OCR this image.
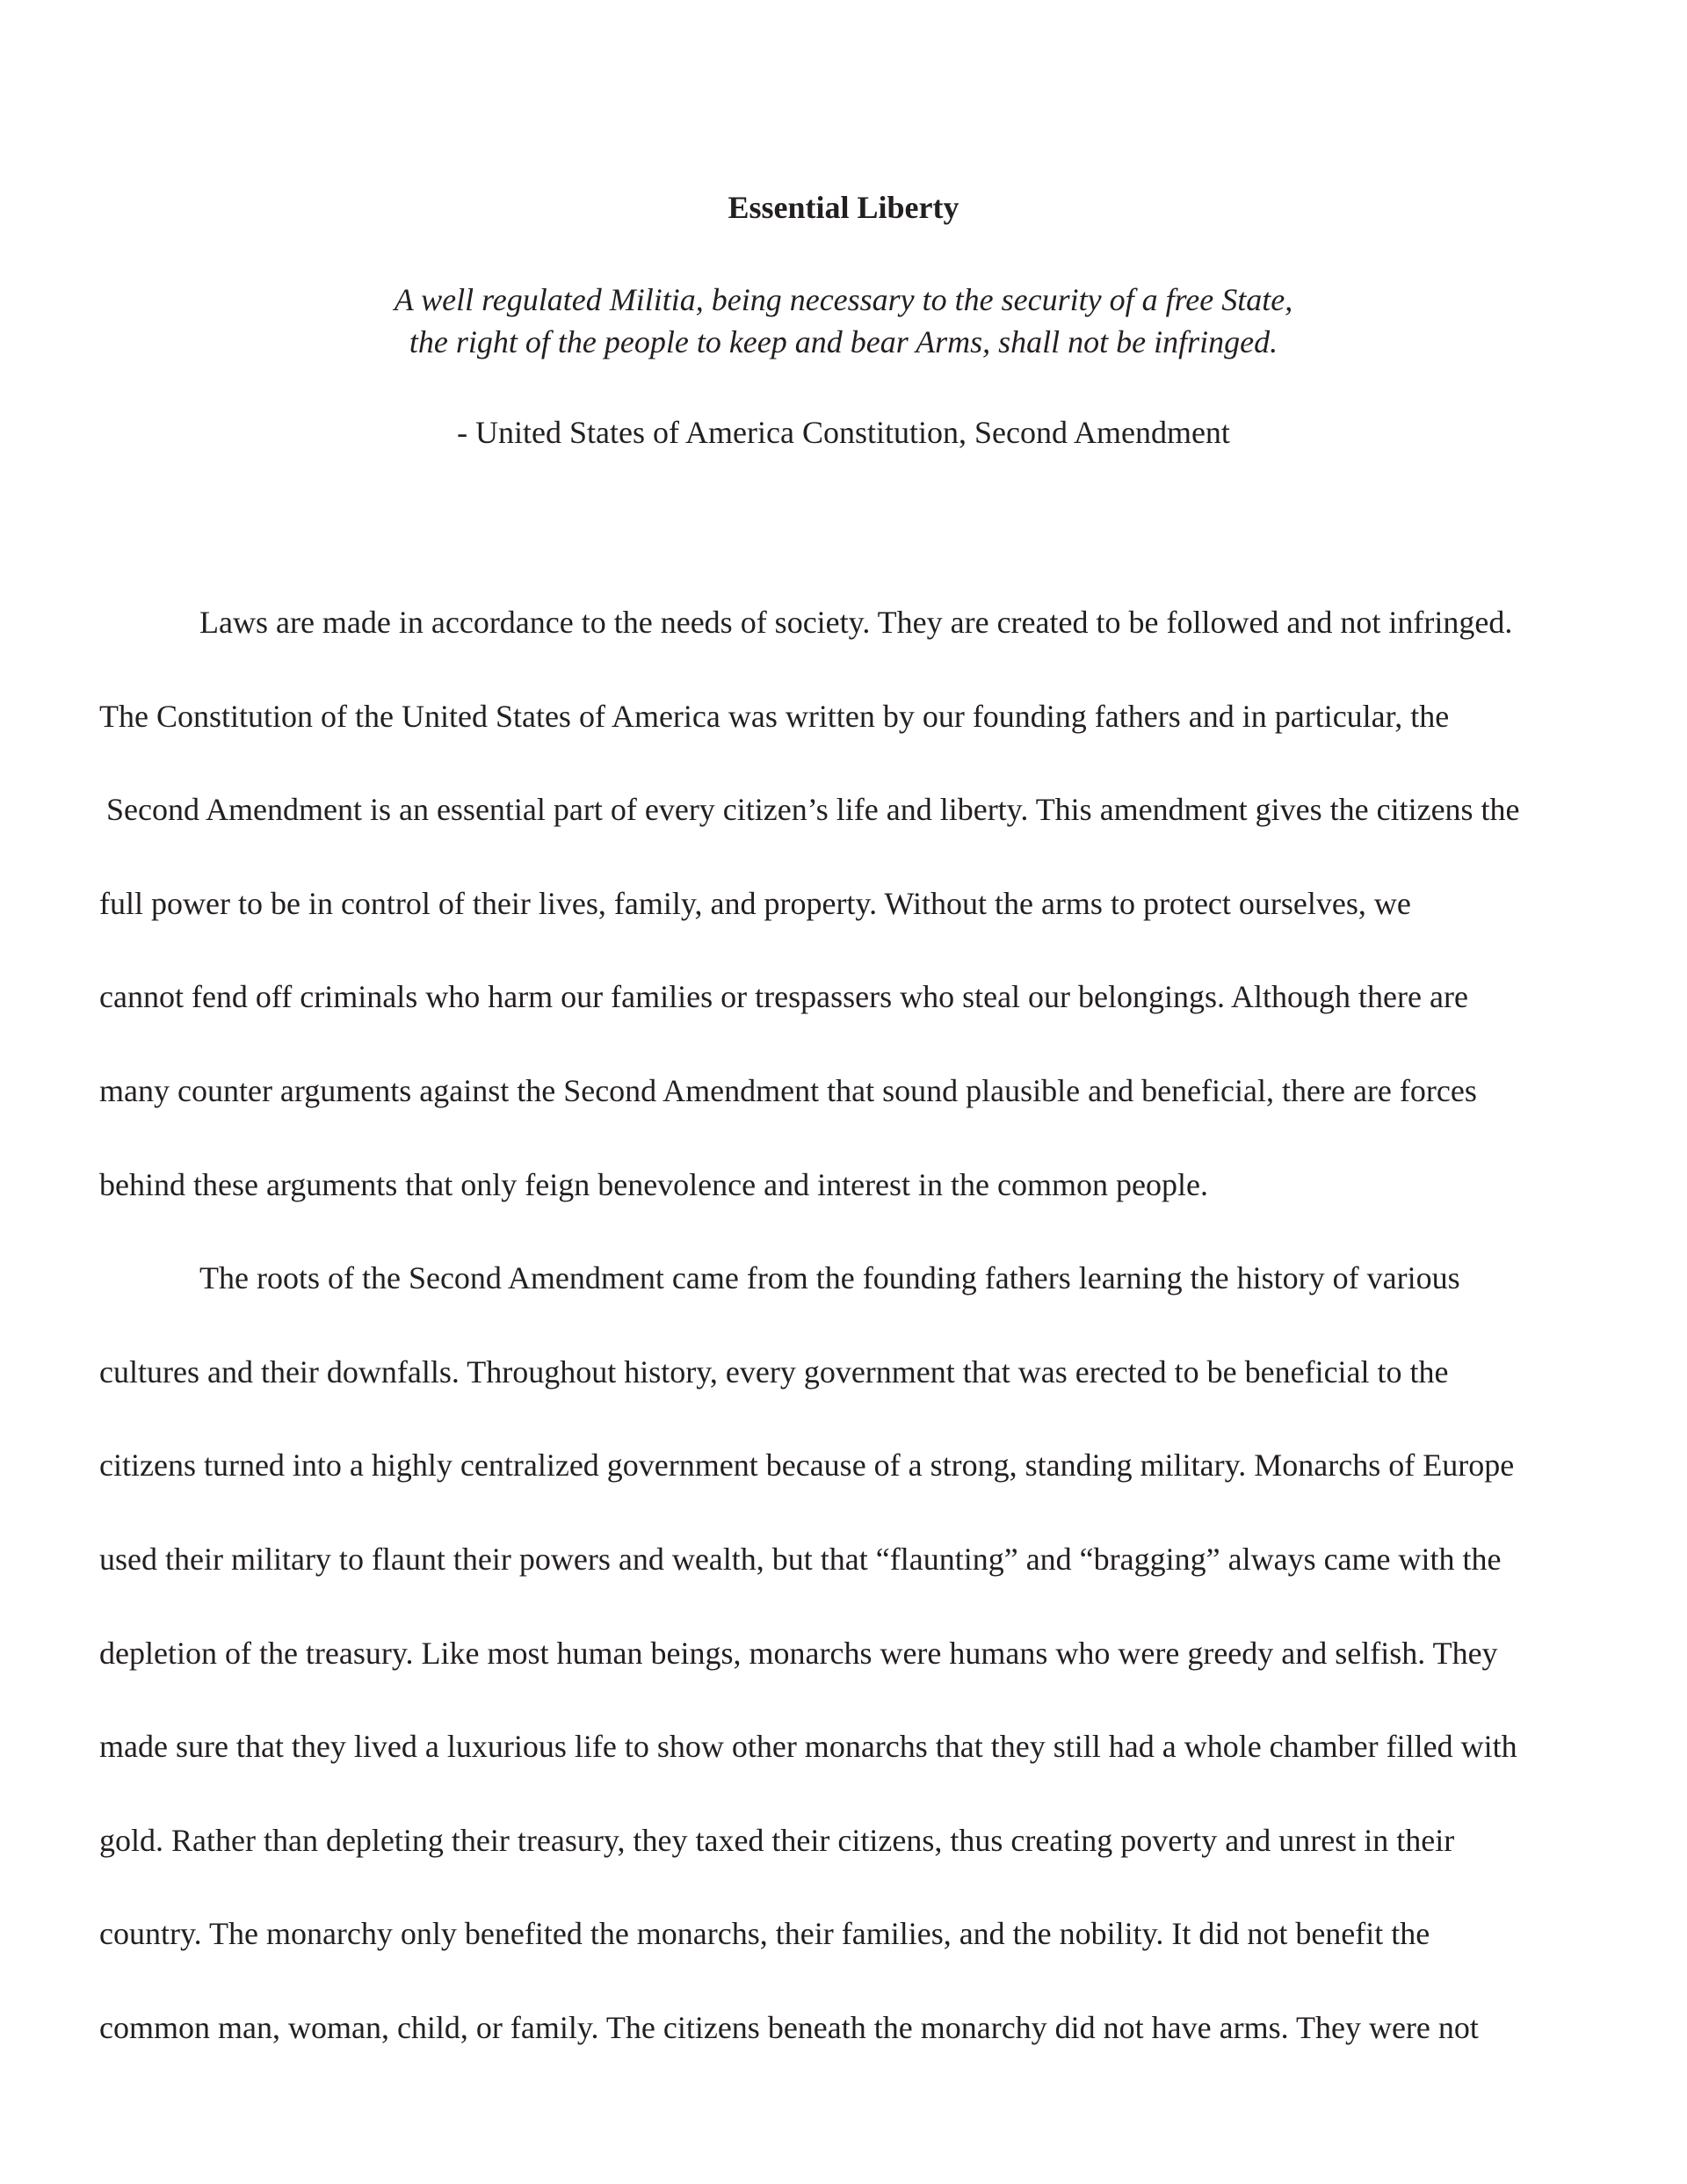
Essential Liberty
A well regulated Militia, being necessary to the security of a free State,
the right of the people to keep and bear Arms, shall not be infringed.
- United States of America Constitution, Second Amendment
Laws are made in accordance to the needs of society. They are created to be followed and not infringed.
The Constitution of the United States of America was written by our founding fathers and in particular, the
Second Amendment is an essential part of every citizen’s life and liberty. This amendment gives the citizens the
full power to be in control of their lives, family, and property. Without the arms to protect ourselves, we
cannot fend off criminals who harm our families or trespassers who steal our belongings. Although there are
many counter arguments against the Second Amendment that sound plausible and beneficial, there are forces
behind these arguments that only feign benevolence and interest in the common people.
The roots of the Second Amendment came from the founding fathers learning the history of various
cultures and their downfalls. Throughout history, every government that was erected to be beneficial to the
citizens turned into a highly centralized government because of a strong, standing military. Monarchs of Europe
used their military to flaunt their powers and wealth, but that “flaunting” and “bragging” always came with the
depletion of the treasury. Like most human beings, monarchs were humans who were greedy and selfish. They
made sure that they lived a luxurious life to show other monarchs that they still had a whole chamber filled with
gold. Rather than depleting their treasury, they taxed their citizens, thus creating poverty and unrest in their
country. The monarchy only benefited the monarchs, their families, and the nobility. It did not benefit the
common man, woman, child, or family. The citizens beneath the monarchy did not have arms. They were not
